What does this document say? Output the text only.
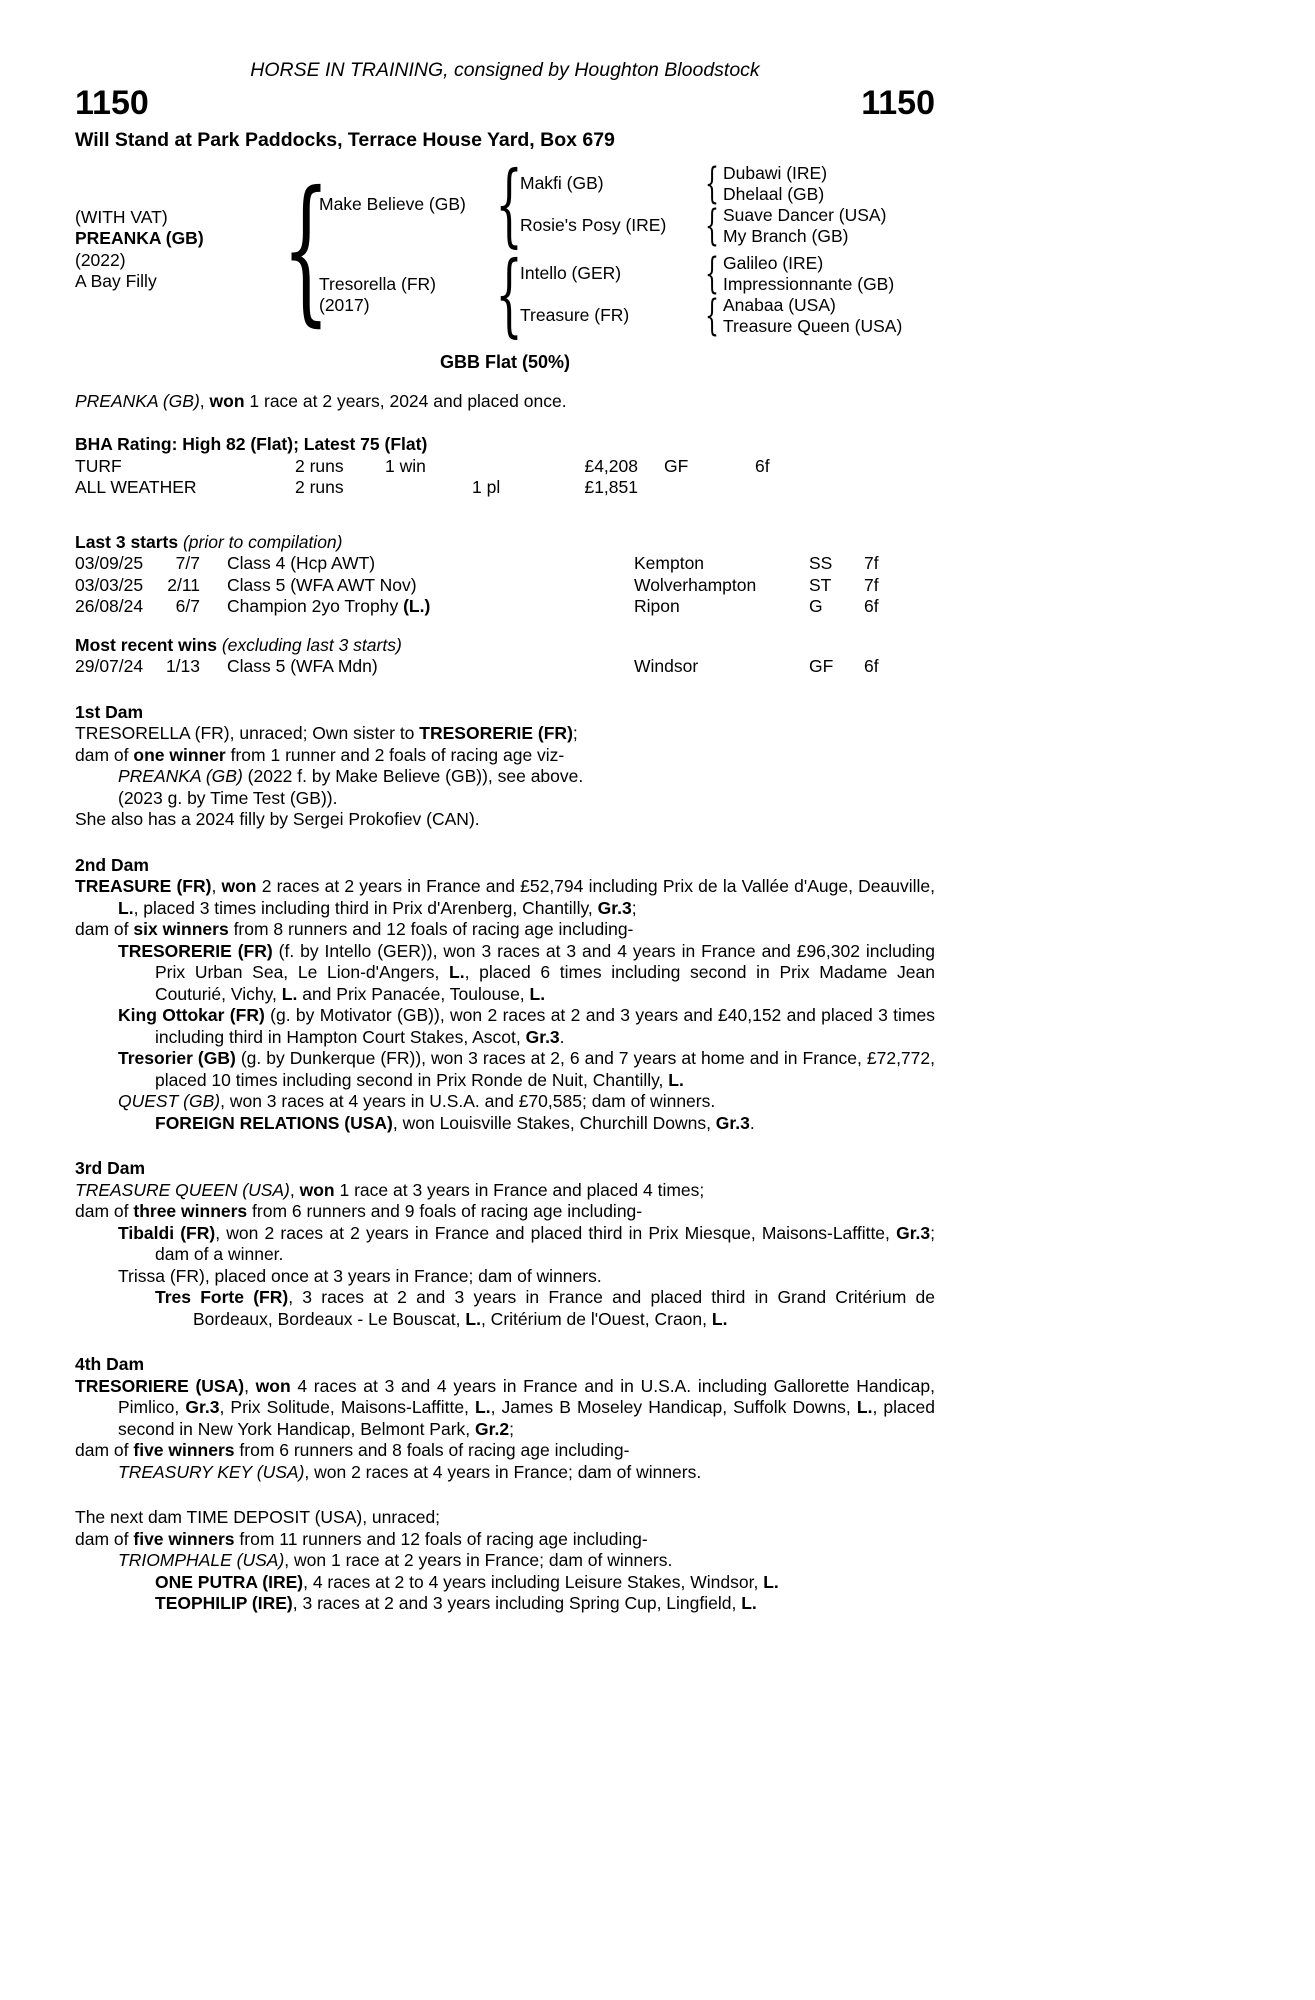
HORSE IN TRAINING, consigned by Houghton Bloodstock
1150	1150
Will Stand at Park Paddocks, Terrace House Yard, Box 679
(WITH VAT)
PREANKA (GB)
(2022)
A Bay Filly
{
Make Believe (GB)
{
Makfi (GB)
{
Dubawi (IRE)
Dhelaal (GB)
Rosie's Posy (IRE)
{
Suave Dancer (USA)
My Branch (GB)
Tresorella (FR)
(2017)
{
Intello (GER)
{
Galileo (IRE)
Impressionnante (GB)
Treasure (FR)
{
Anabaa (USA)
Treasure Queen (USA)
GBB Flat (50%)

PREANKA (GB), won 1 race at 2 years, 2024 and placed once.

BHA Rating: High 82 (Flat); Latest 75 (Flat)
TURF	2 runs	1 win	£4,208	GF	6f
ALL WEATHER	2 runs	1 pl	£1,851
Last 3 starts (prior to compilation)
03/09/25	7/7	Class 4 (Hcp AWT)	Kempton	SS	7f
03/03/25	2/11	Class 5 (WFA AWT Nov)	Wolverhampton	ST	7f
26/08/24	6/7	Champion 2yo Trophy (L.)	Ripon	G	6f
Most recent wins (excluding last 3 starts)
29/07/24	1/13	Class 5 (WFA Mdn)	Windsor	GF	6f
1st Dam

TRESORELLA (FR), unraced; Own sister to TRESORERIE (FR);

dam of one winner from 1 runner and 2 foals of racing age viz-

PREANKA (GB) (2022 f. by Make Believe (GB)), see above.

(2023 g. by Time Test (GB)).

She also has a 2024 filly by Sergei Prokofiev (CAN).

2nd Dam

TREASURE (FR), won 2 races at 2 years in France and £52,794 including Prix de la Vallée d'Auge, Deauville, L., placed 3 times including third in Prix d'Arenberg, Chantilly, Gr.3;

dam of six winners from 8 runners and 12 foals of racing age including-

TRESORERIE (FR) (f. by Intello (GER)), won 3 races at 3 and 4 years in France and £96,302 including Prix Urban Sea, Le Lion-d'Angers, L., placed 6 times including second in Prix Madame Jean Couturié, Vichy, L. and Prix Panacée, Toulouse, L.

King Ottokar (FR) (g. by Motivator (GB)), won 2 races at 2 and 3 years and £40,152 and placed 3 times including third in Hampton Court Stakes, Ascot, Gr.3.

Tresorier (GB) (g. by Dunkerque (FR)), won 3 races at 2, 6 and 7 years at home and in France, £72,772, placed 10 times including second in Prix Ronde de Nuit, Chantilly, L.

QUEST (GB), won 3 races at 4 years in U.S.A. and £70,585; dam of winners.

FOREIGN RELATIONS (USA), won Louisville Stakes, Churchill Downs, Gr.3.

3rd Dam

TREASURE QUEEN (USA), won 1 race at 3 years in France and placed 4 times;

dam of three winners from 6 runners and 9 foals of racing age including-

Tibaldi (FR), won 2 races at 2 years in France and placed third in Prix Miesque, Maisons-Laffitte, Gr.3; dam of a winner.

Trissa (FR), placed once at 3 years in France; dam of winners.

Tres Forte (FR), 3 races at 2 and 3 years in France and placed third in Grand Critérium de Bordeaux, Bordeaux - Le Bouscat, L., Critérium de l'Ouest, Craon, L.

4th Dam

TRESORIERE (USA), won 4 races at 3 and 4 years in France and in U.S.A. including Gallorette Handicap, Pimlico, Gr.3, Prix Solitude, Maisons-Laffitte, L., James B Moseley Handicap, Suffolk Downs, L., placed second in New York Handicap, Belmont Park, Gr.2;

dam of five winners from 6 runners and 8 foals of racing age including-

TREASURY KEY (USA), won 2 races at 4 years in France; dam of winners.

The next dam TIME DEPOSIT (USA), unraced;

dam of five winners from 11 runners and 12 foals of racing age including-

TRIOMPHALE (USA), won 1 race at 2 years in France; dam of winners.

ONE PUTRA (IRE), 4 races at 2 to 4 years including Leisure Stakes, Windsor, L.

TEOPHILIP (IRE), 3 races at 2 and 3 years including Spring Cup, Lingfield, L.
